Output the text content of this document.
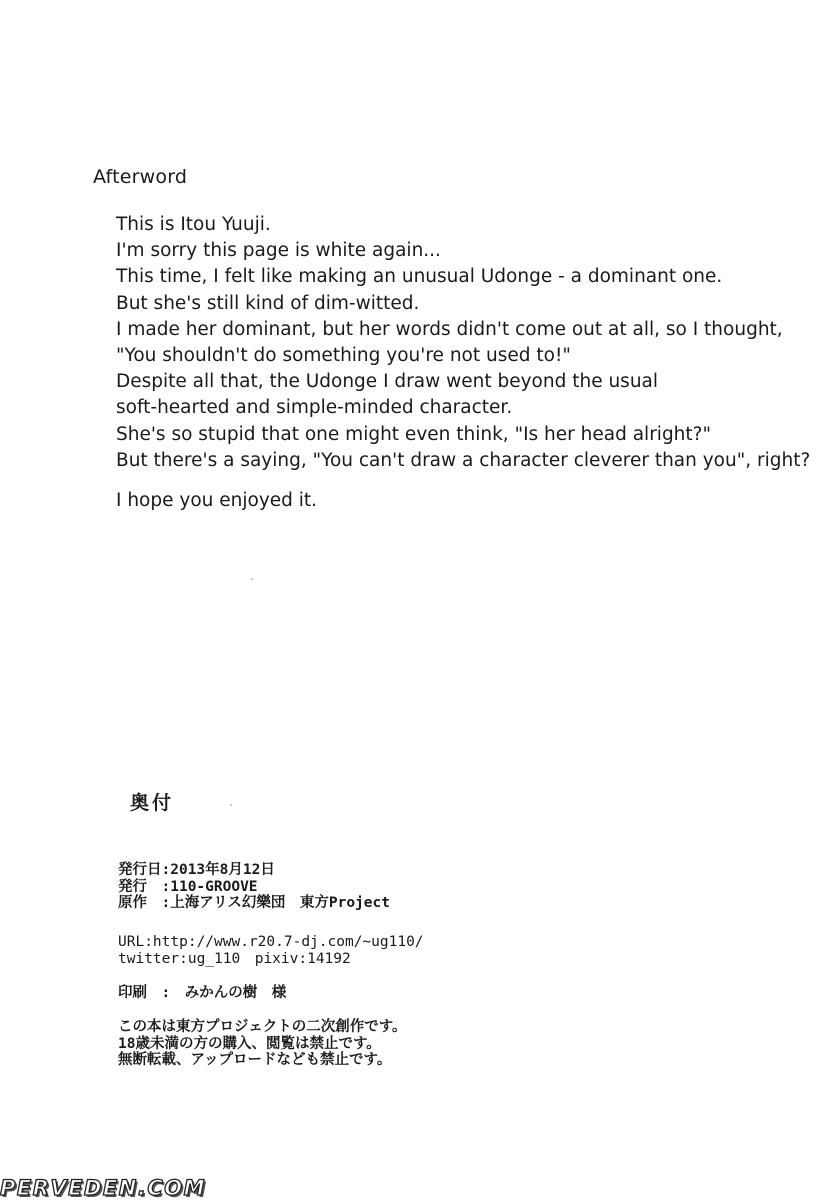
Afterword
This is Itou Yuuji.
I'm sorry this page is white again...
This time, I felt like making an unusual Udonge - a dominant one.
But she's still kind of dim-witted.
I made her dominant, but her words didn't come out at all, so I thought,
"You shouldn't do something you're not used to!"
Despite all that, the Udonge I draw went beyond the usual
soft-hearted and simple-minded character.
She's so stupid that one might even think, "Is her head alright?"
But there's a saying, "You can't draw a character cleverer than you", right?
I hope you enjoyed it.
奥付
発行日:2013年8月12日
発行　:110-GROOVE
原作　:上海アリス幻樂団　東方Project
URL:http://www.r20.7-dj.com/~ug110/
twitter:ug_110　pixiv:14192
印刷　:　みかんの樹　様
この本は東方プロジェクトの二次創作です。
18歳未満の方の購入、閲覧は禁止です。
無断転載、アップロードなども禁止です。
PERVEDEN.COM
